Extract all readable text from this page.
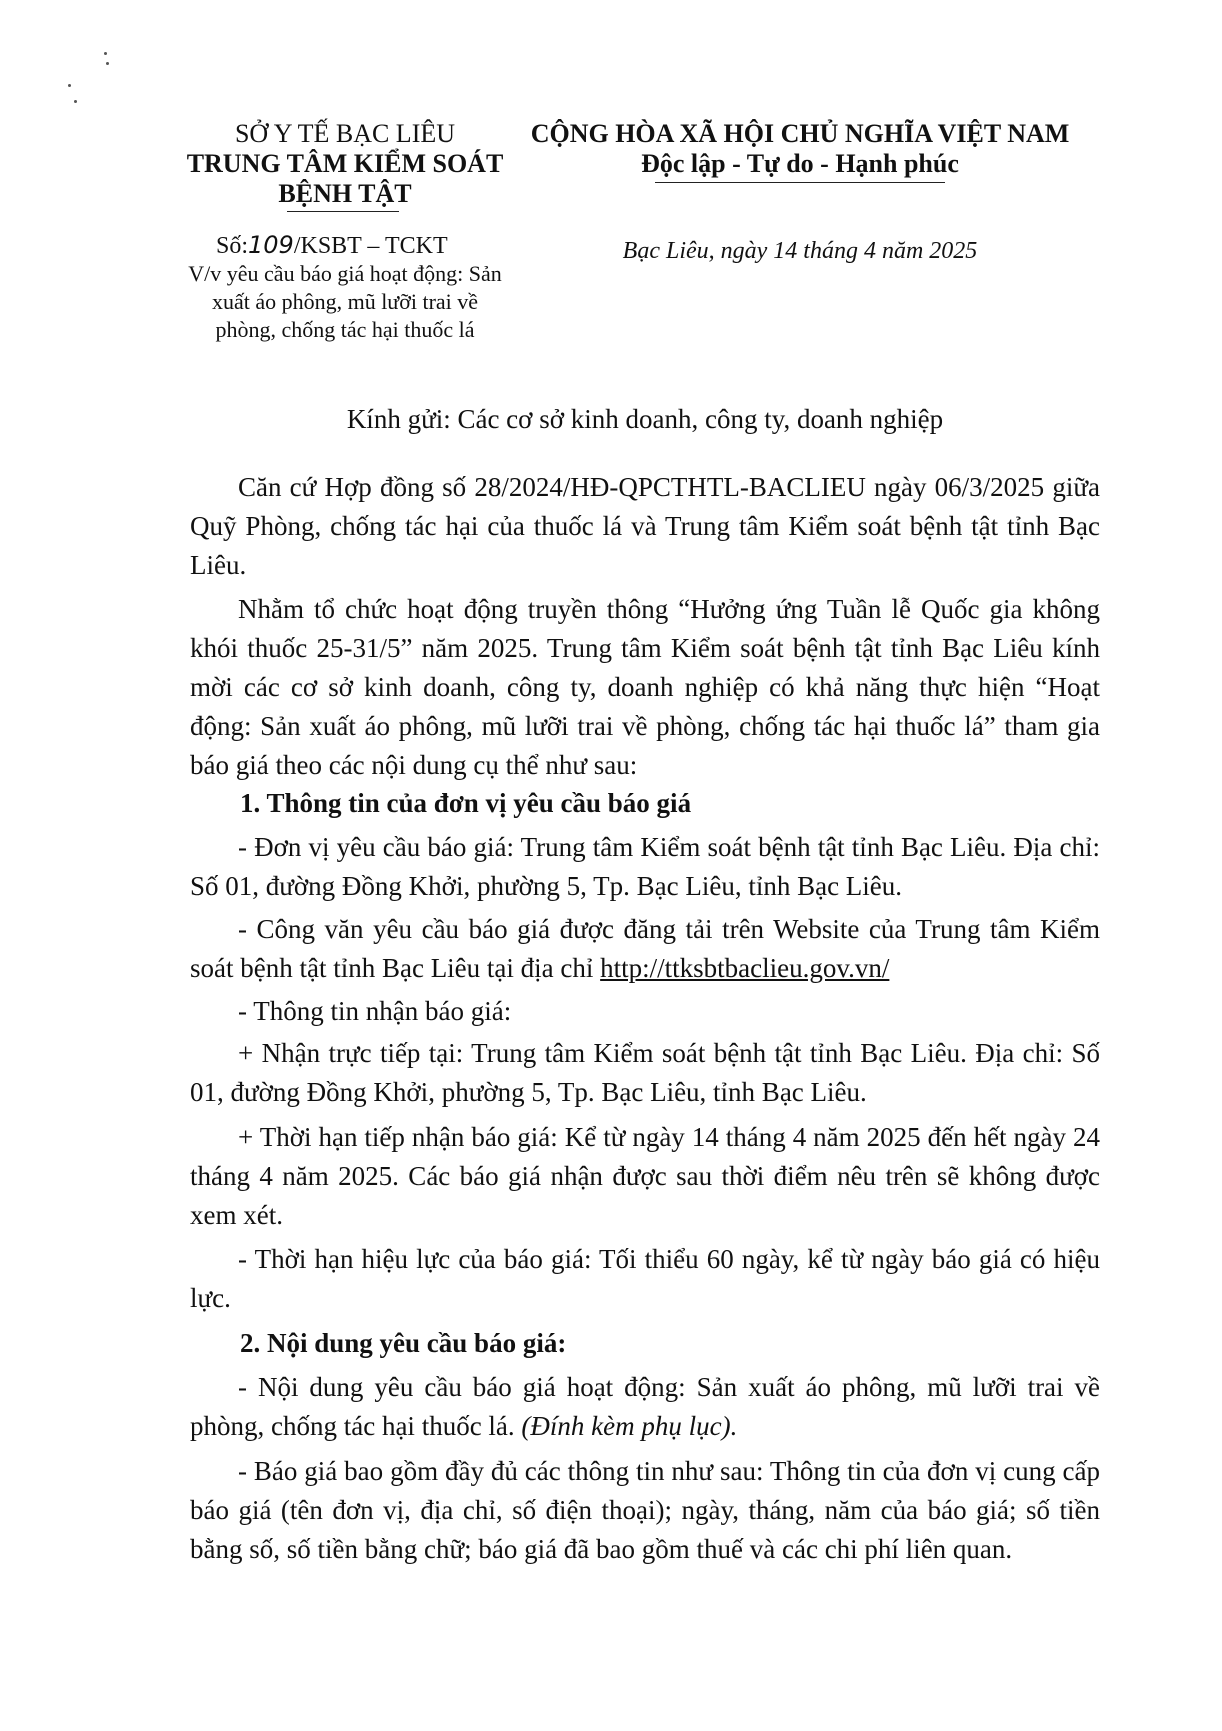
SỞ Y TẾ BẠC LIÊU
TRUNG TÂM KIỂM SOÁT
BỆNH TẬT
Số:109/KSBT – TCKT
V/v yêu cầu báo giá hoạt động: Sản
xuất áo phông, mũ lưỡi trai về
phòng, chống tác hại thuốc lá
CỘNG HÒA XÃ HỘI CHỦ NGHĨA VIỆT NAM
Độc lập - Tự do - Hạnh phúc
Bạc Liêu, ngày 14 tháng 4 năm 2025
Kính gửi: Các cơ sở kinh doanh, công ty, doanh nghiệp
Căn cứ Hợp đồng số 28/2024/HĐ-QPCTHTL-BACLIEU ngày 06/3/2025 giữa Quỹ Phòng, chống tác hại của thuốc lá và Trung tâm Kiểm soát bệnh tật tỉnh Bạc Liêu.
Nhằm tổ chức hoạt động truyền thông “Hưởng ứng Tuần lễ Quốc gia không khói thuốc 25-31/5” năm 2025. Trung tâm Kiểm soát bệnh tật tỉnh Bạc Liêu kính mời các cơ sở kinh doanh, công ty, doanh nghiệp có khả năng thực hiện “Hoạt động: Sản xuất áo phông, mũ lưỡi trai về phòng, chống tác hại thuốc lá” tham gia báo giá theo các nội dung cụ thể như sau:
1. Thông tin của đơn vị yêu cầu báo giá
- Đơn vị yêu cầu báo giá: Trung tâm Kiểm soát bệnh tật tỉnh Bạc Liêu. Địa chỉ: Số 01, đường Đồng Khởi, phường 5, Tp. Bạc Liêu, tỉnh Bạc Liêu.
- Công văn yêu cầu báo giá được đăng tải trên Website của Trung tâm Kiểm soát bệnh tật tỉnh Bạc Liêu tại địa chỉ http://ttksbtbaclieu.gov.vn/
- Thông tin nhận báo giá:
+ Nhận trực tiếp tại: Trung tâm Kiểm soát bệnh tật tỉnh Bạc Liêu. Địa chỉ: Số 01, đường Đồng Khởi, phường 5, Tp. Bạc Liêu, tỉnh Bạc Liêu.
+ Thời hạn tiếp nhận báo giá: Kể từ ngày 14 tháng 4 năm 2025 đến hết ngày 24 tháng 4 năm 2025. Các báo giá nhận được sau thời điểm nêu trên sẽ không được xem xét.
- Thời hạn hiệu lực của báo giá: Tối thiểu 60 ngày, kể từ ngày báo giá có hiệu lực.
2. Nội dung yêu cầu báo giá:
- Nội dung yêu cầu báo giá hoạt động: Sản xuất áo phông, mũ lưỡi trai về phòng, chống tác hại thuốc lá. (Đính kèm phụ lục).
- Báo giá bao gồm đầy đủ các thông tin như sau: Thông tin của đơn vị cung cấp báo giá (tên đơn vị, địa chỉ, số điện thoại); ngày, tháng, năm của báo giá; số tiền bằng số, số tiền bằng chữ; báo giá đã bao gồm thuế và các chi phí liên quan.
